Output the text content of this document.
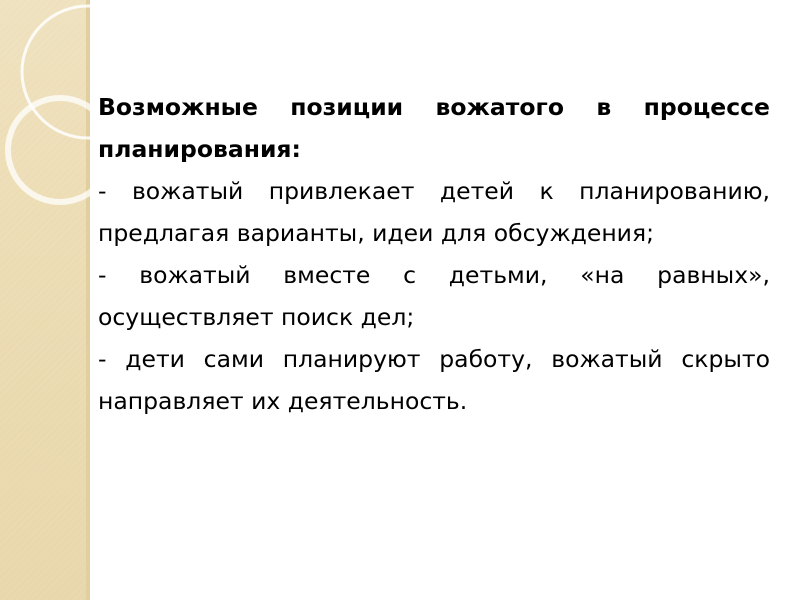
Возможные позиции вожатого в процессе планирования:

- вожатый привлекает детей к планированию, предлагая варианты, идеи для обсуждения;

- вожатый вместе с детьми, «на равных», осуществляет поиск дел;

- дети сами планируют работу, вожатый скрыто направляет их деятельность.
